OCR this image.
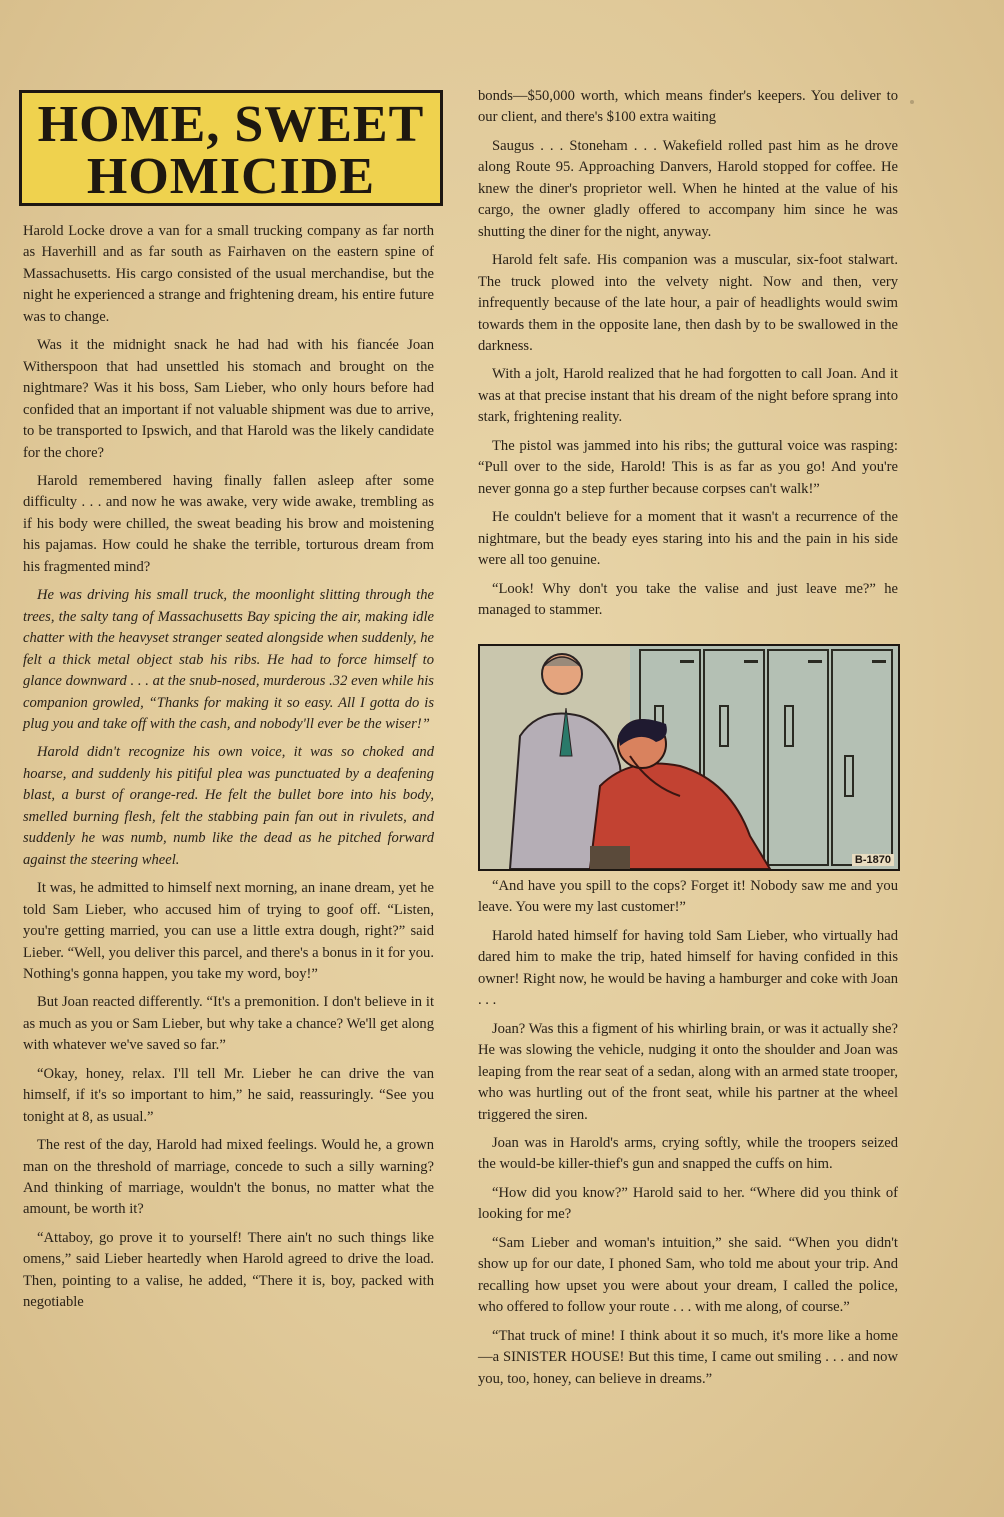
HOME, SWEET
HOMICIDE

Harold Locke drove a van for a small trucking company as far north as Haverhill and as far south as Fairhaven on the eastern spine of Massachusetts. His cargo consisted of the usual merchandise, but the night he experienced a strange and frightening dream, his entire future was to change.

Was it the midnight snack he had had with his fiancée Joan Witherspoon that had unsettled his stomach and brought on the nightmare? Was it his boss, Sam Lieber, who only hours before had confided that an important if not valuable shipment was due to arrive, to be transported to Ipswich, and that Harold was the likely candidate for the chore?

Harold remembered having finally fallen asleep after some difficulty . . . and now he was awake, very wide awake, trembling as if his body were chilled, the sweat beading his brow and moistening his pajamas. How could he shake the terrible, torturous dream from his fragmented mind?

He was driving his small truck, the moonlight slitting through the trees, the salty tang of Massachusetts Bay spicing the air, making idle chatter with the heavyset stranger seated alongside when suddenly, he felt a thick metal object stab his ribs. He had to force himself to glance downward . . . at the snub-nosed, murderous .32 even while his companion growled, “Thanks for making it so easy. All I gotta do is plug you and take off with the cash, and nobody'll ever be the wiser!”

Harold didn't recognize his own voice, it was so choked and hoarse, and suddenly his pitiful plea was punctuated by a deafening blast, a burst of orange-red. He felt the bullet bore into his body, smelled burning flesh, felt the stabbing pain fan out in rivulets, and suddenly he was numb, numb like the dead as he pitched forward against the steering wheel.

It was, he admitted to himself next morning, an inane dream, yet he told Sam Lieber, who accused him of trying to goof off. “Listen, you're getting married, you can use a little extra dough, right?” said Lieber. “Well, you deliver this parcel, and there's a bonus in it for you. Nothing's gonna happen, you take my word, boy!”

But Joan reacted differently. “It's a premonition. I don't believe in it as much as you or Sam Lieber, but why take a chance? We'll get along with whatever we've saved so far.”

“Okay, honey, relax. I'll tell Mr. Lieber he can drive the van himself, if it's so important to him,” he said, reassuringly. “See you tonight at 8, as usual.”

The rest of the day, Harold had mixed feelings. Would he, a grown man on the threshold of marriage, concede to such a silly warning? And thinking of marriage, wouldn't the bonus, no matter what the amount, be worth it?

“Attaboy, go prove it to yourself! There ain't no such things like omens,” said Lieber heartedly when Harold agreed to drive the load. Then, pointing to a valise, he added, “There it is, boy, packed with negotiable

bonds—$50,000 worth, which means finder's keepers. You deliver to our client, and there's $100 extra waiting

Saugus . . . Stoneham . . . Wakefield rolled past him as he drove along Route 95. Approaching Danvers, Harold stopped for coffee. He knew the diner's proprietor well. When he hinted at the value of his cargo, the owner gladly offered to accompany him since he was shutting the diner for the night, anyway.

Harold felt safe. His companion was a muscular, six-foot stalwart. The truck plowed into the velvety night. Now and then, very infrequently because of the late hour, a pair of headlights would swim towards them in the opposite lane, then dash by to be swallowed in the darkness.

With a jolt, Harold realized that he had forgotten to call Joan. And it was at that precise instant that his dream of the night before sprang into stark, frightening reality.

The pistol was jammed into his ribs; the guttural voice was rasping: “Pull over to the side, Harold! This is as far as you go! And you're never gonna go a step further because corpses can't walk!”

He couldn't believe for a moment that it wasn't a recurrence of the nightmare, but the beady eyes staring into his and the pain in his side were all too genuine.

“Look! Why don't you take the valise and just leave me?” he managed to stammer.

B-1870

“And have you spill to the cops? Forget it! Nobody saw me and you leave. You were my last customer!”

Harold hated himself for having told Sam Lieber, who virtually had dared him to make the trip, hated himself for having confided in this owner! Right now, he would be having a hamburger and coke with Joan . . .

Joan? Was this a figment of his whirling brain, or was it actually she? He was slowing the vehicle, nudging it onto the shoulder and Joan was leaping from the rear seat of a sedan, along with an armed state trooper, who was hurtling out of the front seat, while his partner at the wheel triggered the siren.

Joan was in Harold's arms, crying softly, while the troopers seized the would-be killer-thief's gun and snapped the cuffs on him.

“How did you know?” Harold said to her. “Where did you think of looking for me?

“Sam Lieber and woman's intuition,” she said. “When you didn't show up for our date, I phoned Sam, who told me about your trip. And recalling how upset you were about your dream, I called the police, who offered to follow your route . . . with me along, of course.”

“That truck of mine! I think about it so much, it's more like a home—a SINISTER HOUSE! But this time, I came out smiling . . . and now you, too, honey, can believe in dreams.”
